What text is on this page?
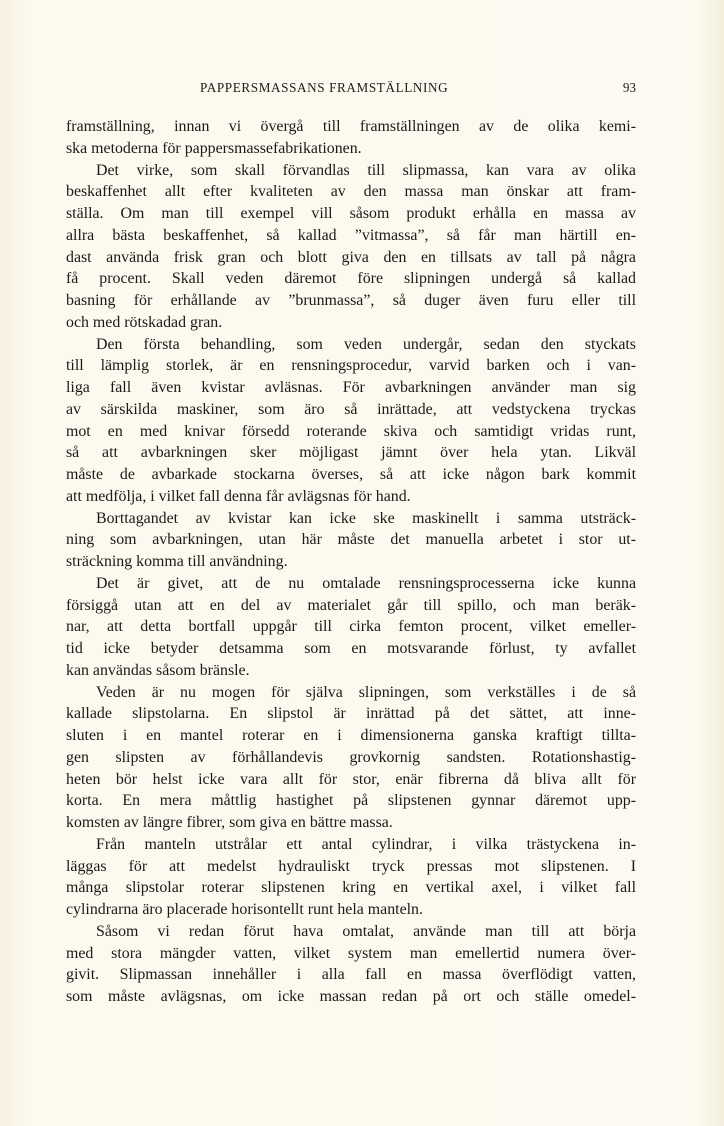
PAPPERSMASSANS FRAMSTÄLLNING	93
framställning, innan vi övergå till framställningen av de olika kemi-
ska metoderna för pappersmassefabrikationen.
Det virke, som skall förvandlas till slipmassa, kan vara av olika
beskaffenhet allt efter kvaliteten av den massa man önskar att fram-
ställa. Om man till exempel vill såsom produkt erhålla en massa av
allra bästa beskaffenhet, så kallad ”vitmassa”, så får man härtill en-
dast använda frisk gran och blott giva den en tillsats av tall på några
få procent. Skall veden däremot före slipningen undergå så kallad
basning för erhållande av ”brunmassa”, så duger även furu eller till
och med rötskadad gran.
Den första behandling, som veden undergår, sedan den styckats
till lämplig storlek, är en rensningsprocedur, varvid barken och i van-
liga fall även kvistar avläsnas. För avbarkningen använder man sig
av särskilda maskiner, som äro så inrättade, att vedstyckena tryckas
mot en med knivar försedd roterande skiva och samtidigt vridas runt,
så att avbarkningen sker möjligast jämnt över hela ytan. Likväl
måste de avbarkade stockarna överses, så att icke någon bark kommit
att medfölja, i vilket fall denna får avlägsnas för hand.
Borttagandet av kvistar kan icke ske maskinellt i samma utsträck-
ning som avbarkningen, utan här måste det manuella arbetet i stor ut-
sträckning komma till användning.
Det är givet, att de nu omtalade rensningsprocesserna icke kunna
försiggå utan att en del av materialet går till spillo, och man beräk-
nar, att detta bortfall uppgår till cirka femton procent, vilket emeller-
tid icke betyder detsamma som en motsvarande förlust, ty avfallet
kan användas såsom bränsle.
Veden är nu mogen för själva slipningen, som verkställes i de så
kallade slipstolarna. En slipstol är inrättad på det sättet, att inne-
sluten i en mantel roterar en i dimensionerna ganska kraftigt tillta-
gen slipsten av förhållandevis grovkornig sandsten. Rotationshastig-
heten bör helst icke vara allt för stor, enär fibrerna då bliva allt för
korta. En mera måttlig hastighet på slipstenen gynnar däremot upp-
komsten av längre fibrer, som giva en bättre massa.
Från manteln utstrålar ett antal cylindrar, i vilka trästyckena in-
läggas för att medelst hydrauliskt tryck pressas mot slipstenen. I
många slipstolar roterar slipstenen kring en vertikal axel, i vilket fall
cylindrarna äro placerade horisontellt runt hela manteln.
Såsom vi redan förut hava omtalat, använde man till att börja
med stora mängder vatten, vilket system man emellertid numera över-
givit. Slipmassan innehåller i alla fall en massa överflödigt vatten,
som måste avlägsnas, om icke massan redan på ort och ställe omedel-
